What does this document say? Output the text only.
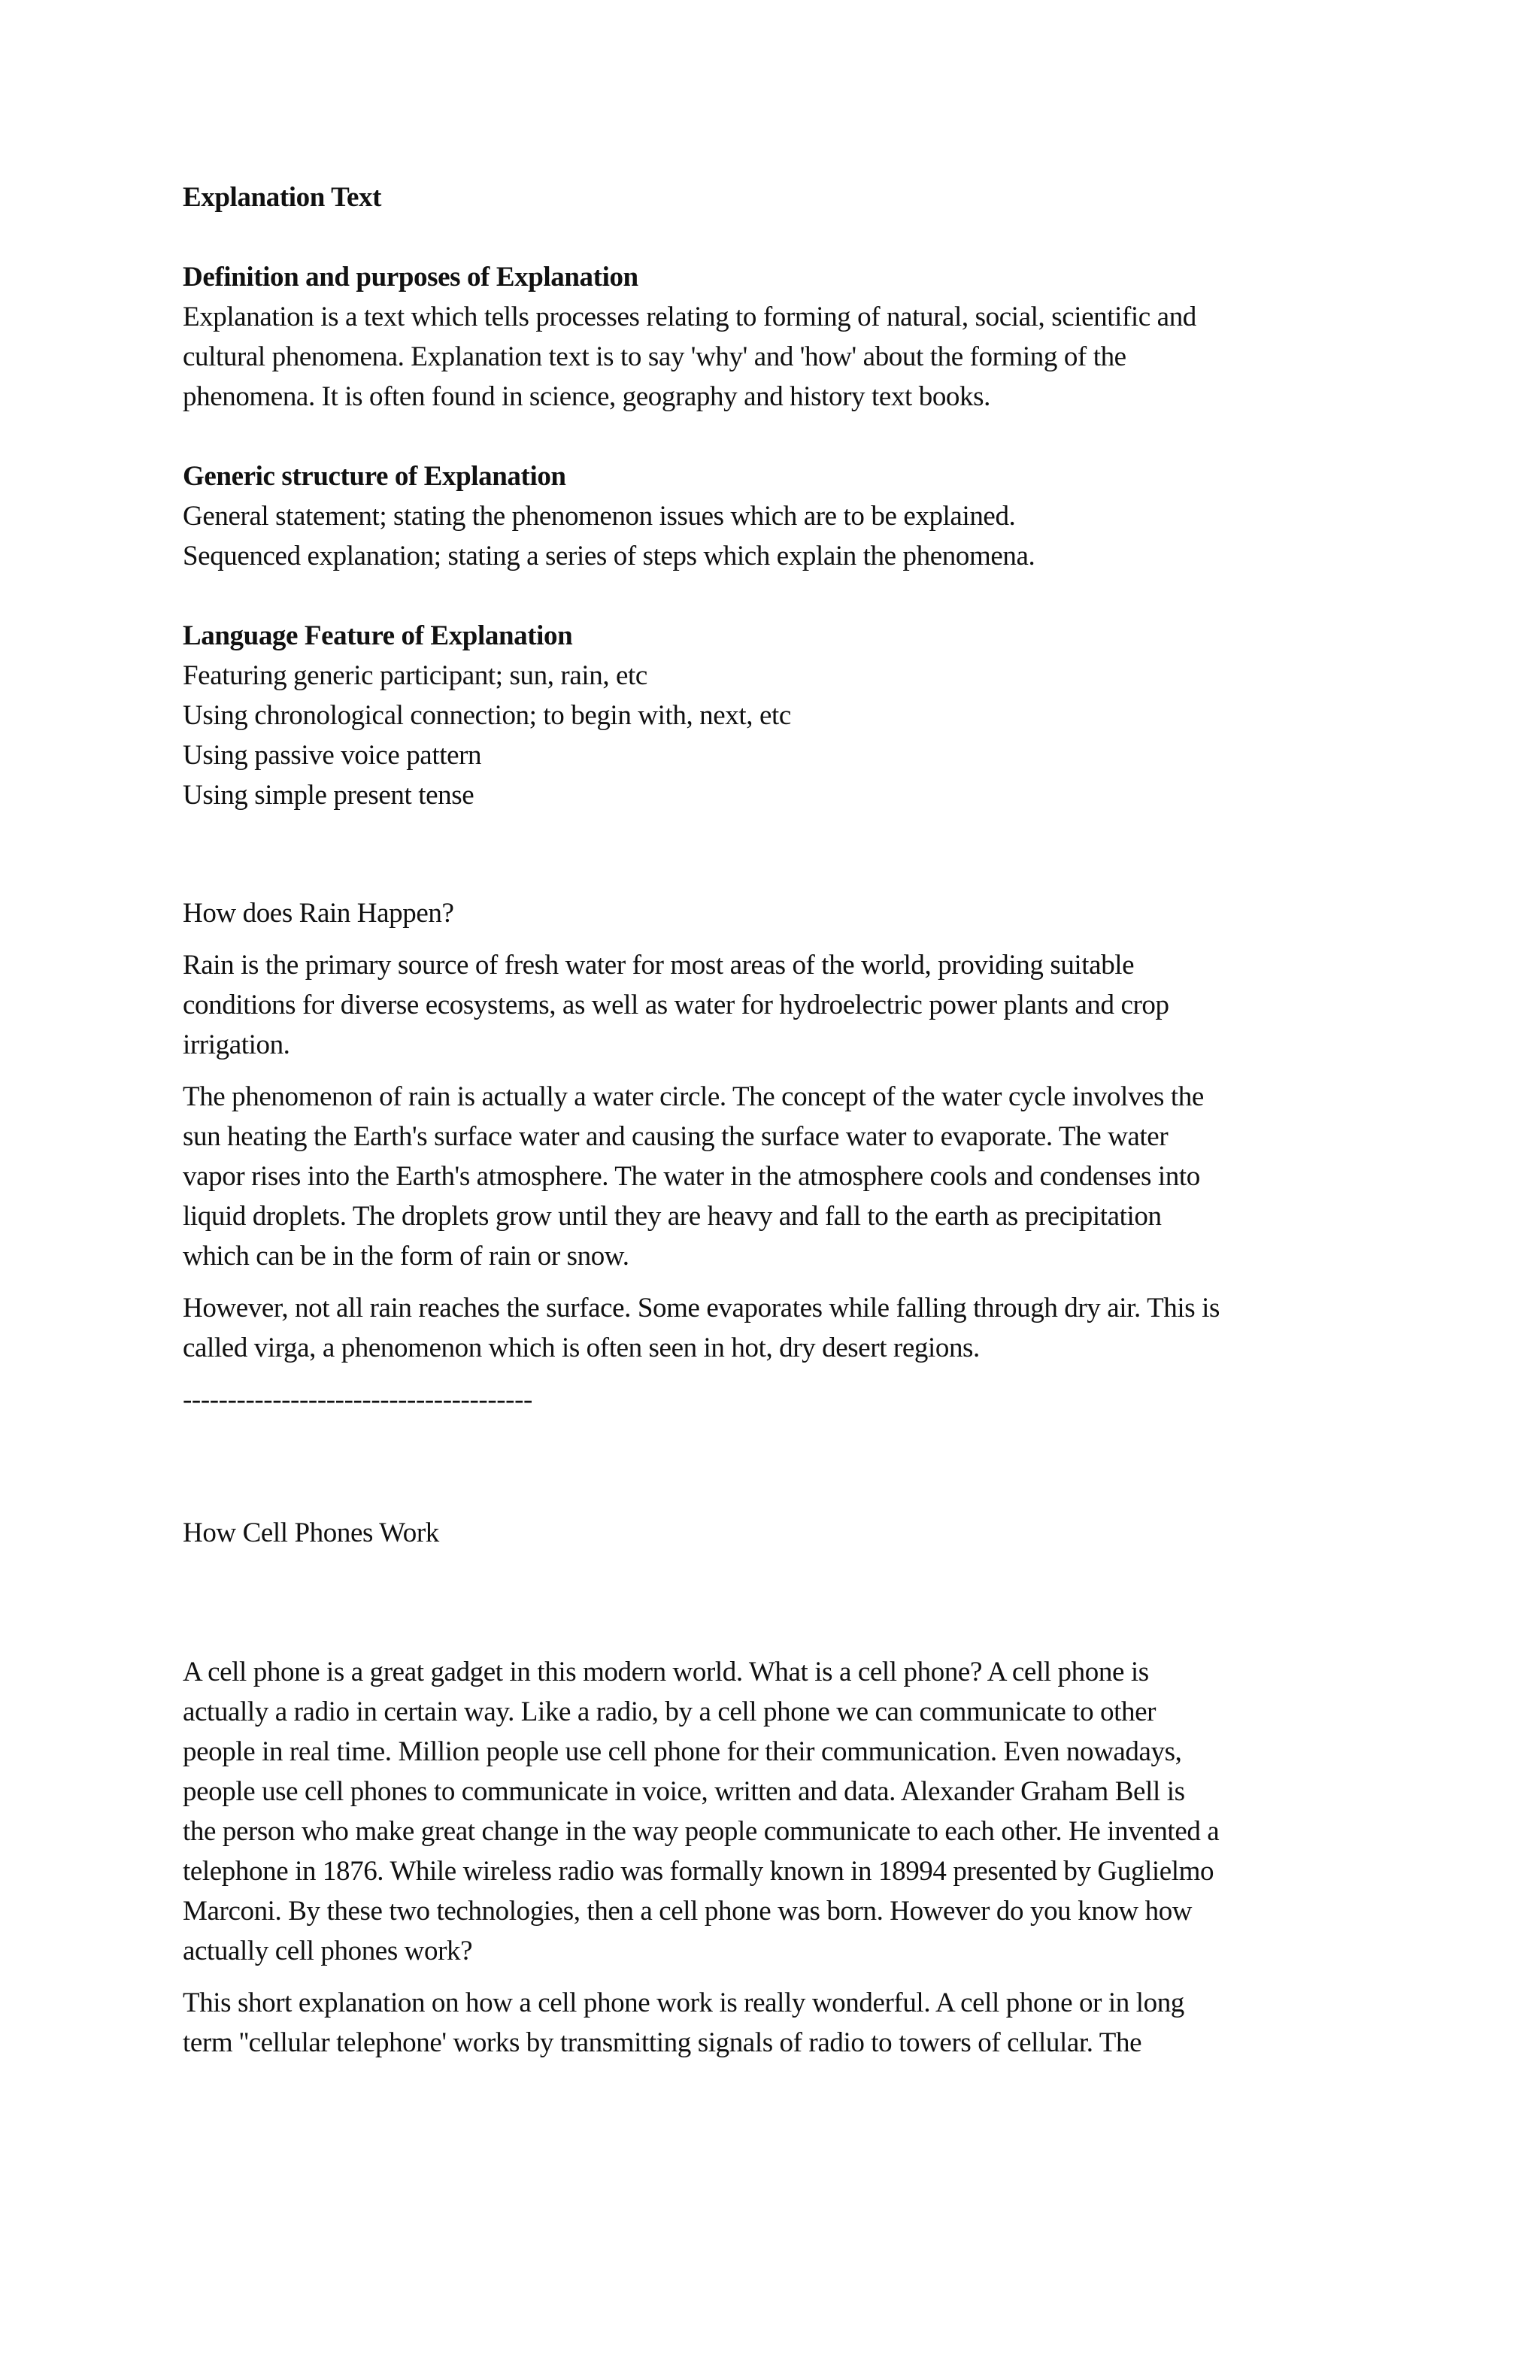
Explanation Text

Definition and purposes of Explanation

Explanation is a text which tells processes relating to forming of natural, social, scientific and

cultural phenomena. Explanation text is to say 'why' and 'how' about the forming of the

phenomena. It is often found in science, geography and history text books.

Generic structure of Explanation

General statement; stating the phenomenon issues which are to be explained.

Sequenced explanation; stating a series of steps which explain the phenomena.

Language Feature of Explanation

Featuring generic participant; sun, rain, etc

Using chronological connection; to begin with, next, etc

Using passive voice pattern

Using simple present tense

How does Rain Happen?

Rain is the primary source of fresh water for most areas of the world, providing suitable

conditions for diverse ecosystems, as well as water for hydroelectric power plants and crop

irrigation.

The phenomenon of rain is actually a water circle. The concept of the water cycle involves the

sun heating the Earth's surface water and causing the surface water to evaporate. The water

vapor rises into the Earth's atmosphere. The water in the atmosphere cools and condenses into

liquid droplets. The droplets grow until they are heavy and fall to the earth as precipitation

which can be in the form of rain or snow.

However, not all rain reaches the surface. Some evaporates while falling through dry air. This is

called virga, a phenomenon which is often seen in hot, dry desert regions.

---------------------------------------

How Cell Phones Work

A cell phone is a great gadget in this modern world. What is a cell phone? A cell phone is

actually a radio in certain way. Like a radio, by a cell phone we can communicate to other

people in real time. Million people use cell phone for their communication. Even nowadays,

people use cell phones to communicate in voice, written and data. Alexander Graham Bell is

the person who make great change in the way people communicate to each other. He invented a

telephone in 1876. While wireless radio was formally known in 18994 presented by Guglielmo

Marconi. By these two technologies, then a cell phone was born. However do you know how

actually cell phones work?

This short explanation on how a cell phone work is really wonderful. A cell phone or in long

term ''cellular telephone' works by transmitting signals of radio to towers of cellular. The
